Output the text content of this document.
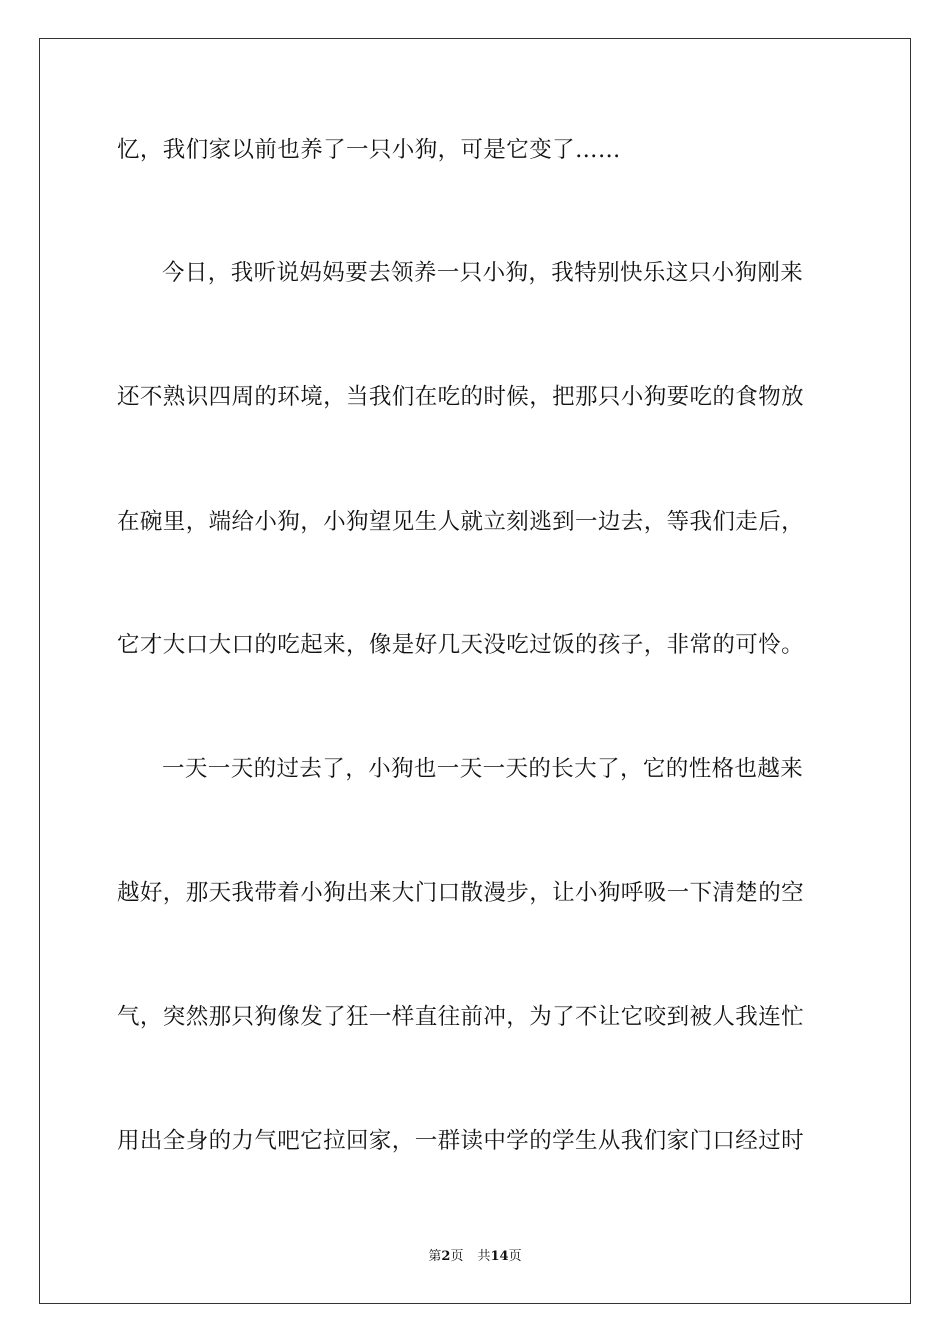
忆，我们家以前也养了一只小狗，可是它变了……
今日，我听说妈妈要去领养一只小狗，我特别快乐这只小狗刚来
还不熟识四周的环境，当我们在吃的时候，把那只小狗要吃的食物放
在碗里，端给小狗，小狗望见生人就立刻逃到一边去，等我们走后，
它才大口大口的吃起来，像是好几天没吃过饭的孩子，非常的可怜。
一天一天的过去了，小狗也一天一天的长大了，它的性格也越来
越好，那天我带着小狗出来大门口散漫步，让小狗呼吸一下清楚的空
气，突然那只狗像发了狂一样直往前冲，为了不让它咬到被人我连忙
用出全身的力气吧它拉回家，一群读中学的学生从我们家门口经过时
第2页 共14页
